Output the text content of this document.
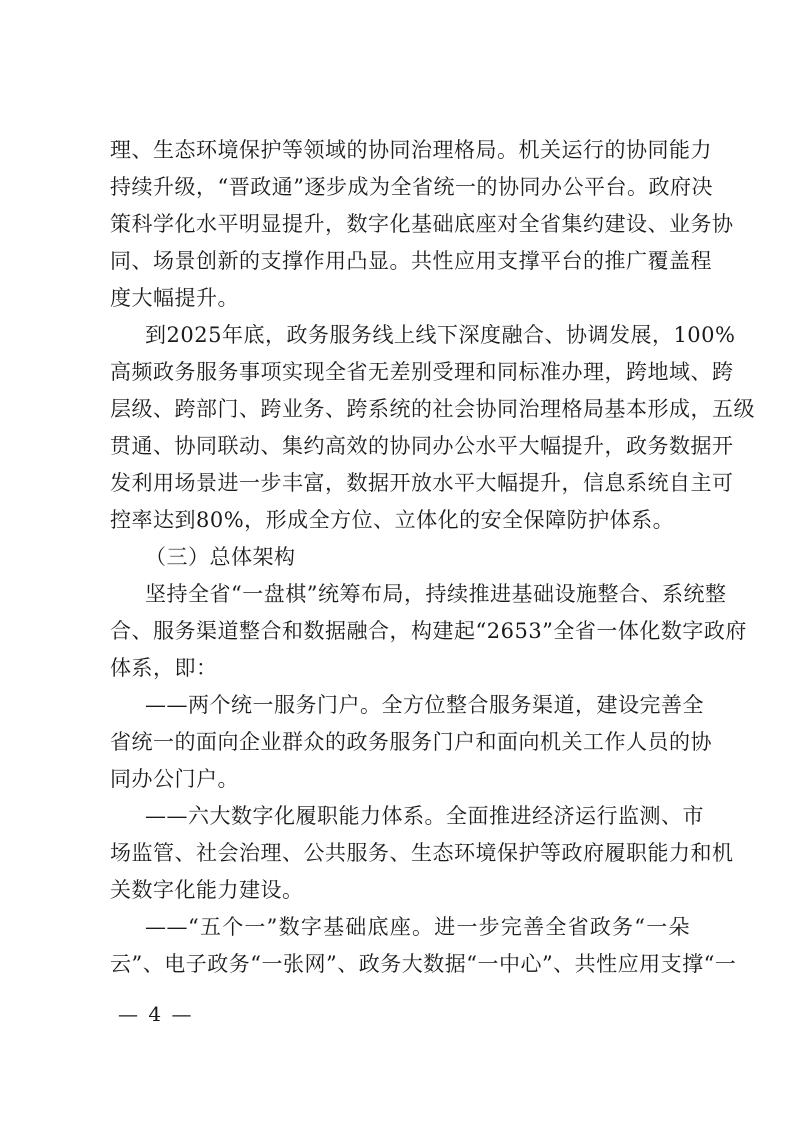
理、生态环境保护等领域的协同治理格局。机关运行的协同能力
持续升级，“晋政通”逐步成为全省统一的协同办公平台。政府决
策科学化水平明显提升，数字化基础底座对全省集约建设、业务协
同、场景创新的支撑作用凸显。共性应用支撑平台的推广覆盖程
度大幅提升。
到2025年底，政务服务线上线下深度融合、协调发展，100%
高频政务服务事项实现全省无差别受理和同标准办理，跨地域、跨
层级、跨部门、跨业务、跨系统的社会协同治理格局基本形成，五级
贯通、协同联动、集约高效的协同办公水平大幅提升，政务数据开
发利用场景进一步丰富，数据开放水平大幅提升，信息系统自主可
控率达到80%，形成全方位、立体化的安全保障防护体系。
（三）总体架构
坚持全省“一盘棋”统筹布局，持续推进基础设施整合、系统整
合、服务渠道整合和数据融合，构建起“2653”全省一体化数字政府
体系，即：
——两个统一服务门户。全方位整合服务渠道，建设完善全
省统一的面向企业群众的政务服务门户和面向机关工作人员的协
同办公门户。
——六大数字化履职能力体系。全面推进经济运行监测、市
场监管、社会治理、公共服务、生态环境保护等政府履职能力和机
关数字化能力建设。
——“五个一”数字基础底座。进一步完善全省政务“一朵
云”、电子政务“一张网”、政务大数据“一中心”、共性应用支撑“一
— 4 —
